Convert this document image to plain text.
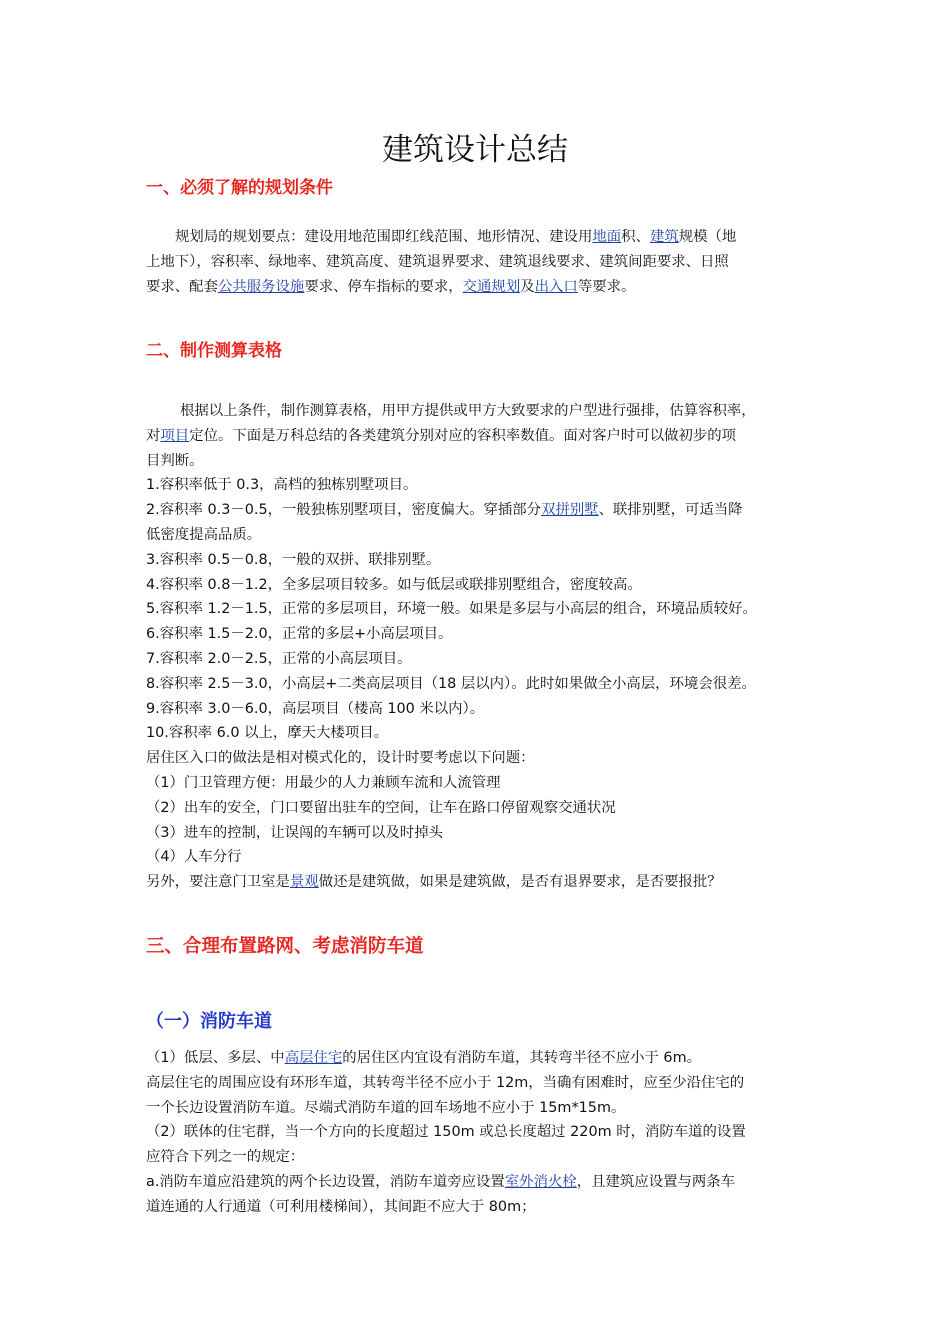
建筑设计总结
一、必须了解的规划条件
规划局的规划要点：建设用地范围即红线范围、地形情况、建设用地面积、建筑规模（地
上地下），容积率、绿地率、建筑高度、建筑退界要求、建筑退线要求、建筑间距要求、日照
要求、配套公共服务设施要求、停车指标的要求，交通规划及出入口等要求。
二、制作测算表格
根据以上条件，制作测算表格，用甲方提供或甲方大致要求的户型进行强排，估算容积率，
对项目定位。下面是万科总结的各类建筑分别对应的容积率数值。面对客户时可以做初步的项
目判断。
1.容积率低于 0.3，高档的独栋别墅项目。
2.容积率 0.3－0.5，一般独栋别墅项目，密度偏大。穿插部分双拼别墅、联排别墅，可适当降
低密度提高品质。
3.容积率 0.5－0.8，一般的双拼、联排别墅。
4.容积率 0.8－1.2，全多层项目较多。如与低层或联排别墅组合，密度较高。
5.容积率 1.2－1.5，正常的多层项目，环境一般。如果是多层与小高层的组合，环境品质较好。
6.容积率 1.5－2.0，正常的多层+小高层项目。
7.容积率 2.0－2.5，正常的小高层项目。
8.容积率 2.5－3.0，小高层+二类高层项目（18 层以内）。此时如果做全小高层，环境会很差。
9.容积率 3.0－6.0，高层项目（楼高 100 米以内）。
10.容积率 6.0 以上，摩天大楼项目。
居住区入口的做法是相对模式化的，设计时要考虑以下问题：
（1）门卫管理方便：用最少的人力兼顾车流和人流管理
（2）出车的安全，门口要留出驻车的空间，让车在路口停留观察交通状况
（3）进车的控制，让误闯的车辆可以及时掉头
（4）人车分行
另外，要注意门卫室是景观做还是建筑做，如果是建筑做，是否有退界要求，是否要报批？
三、合理布置路网、考虑消防车道
（一）消防车道
（1）低层、多层、中高层住宅的居住区内宜设有消防车道，其转弯半径不应小于 6m。
高层住宅的周围应设有环形车道，其转弯半径不应小于 12m，当确有困难时，应至少沿住宅的
一个长边设置消防车道。尽端式消防车道的回车场地不应小于 15m*15m。
（2）联体的住宅群，当一个方向的长度超过 150m 或总长度超过 220m 时，消防车道的设置
应符合下列之一的规定：
a.消防车道应沿建筑的两个长边设置，消防车道旁应设置室外消火栓，且建筑应设置与两条车
道连通的人行通道（可利用楼梯间），其间距不应大于 80m；
